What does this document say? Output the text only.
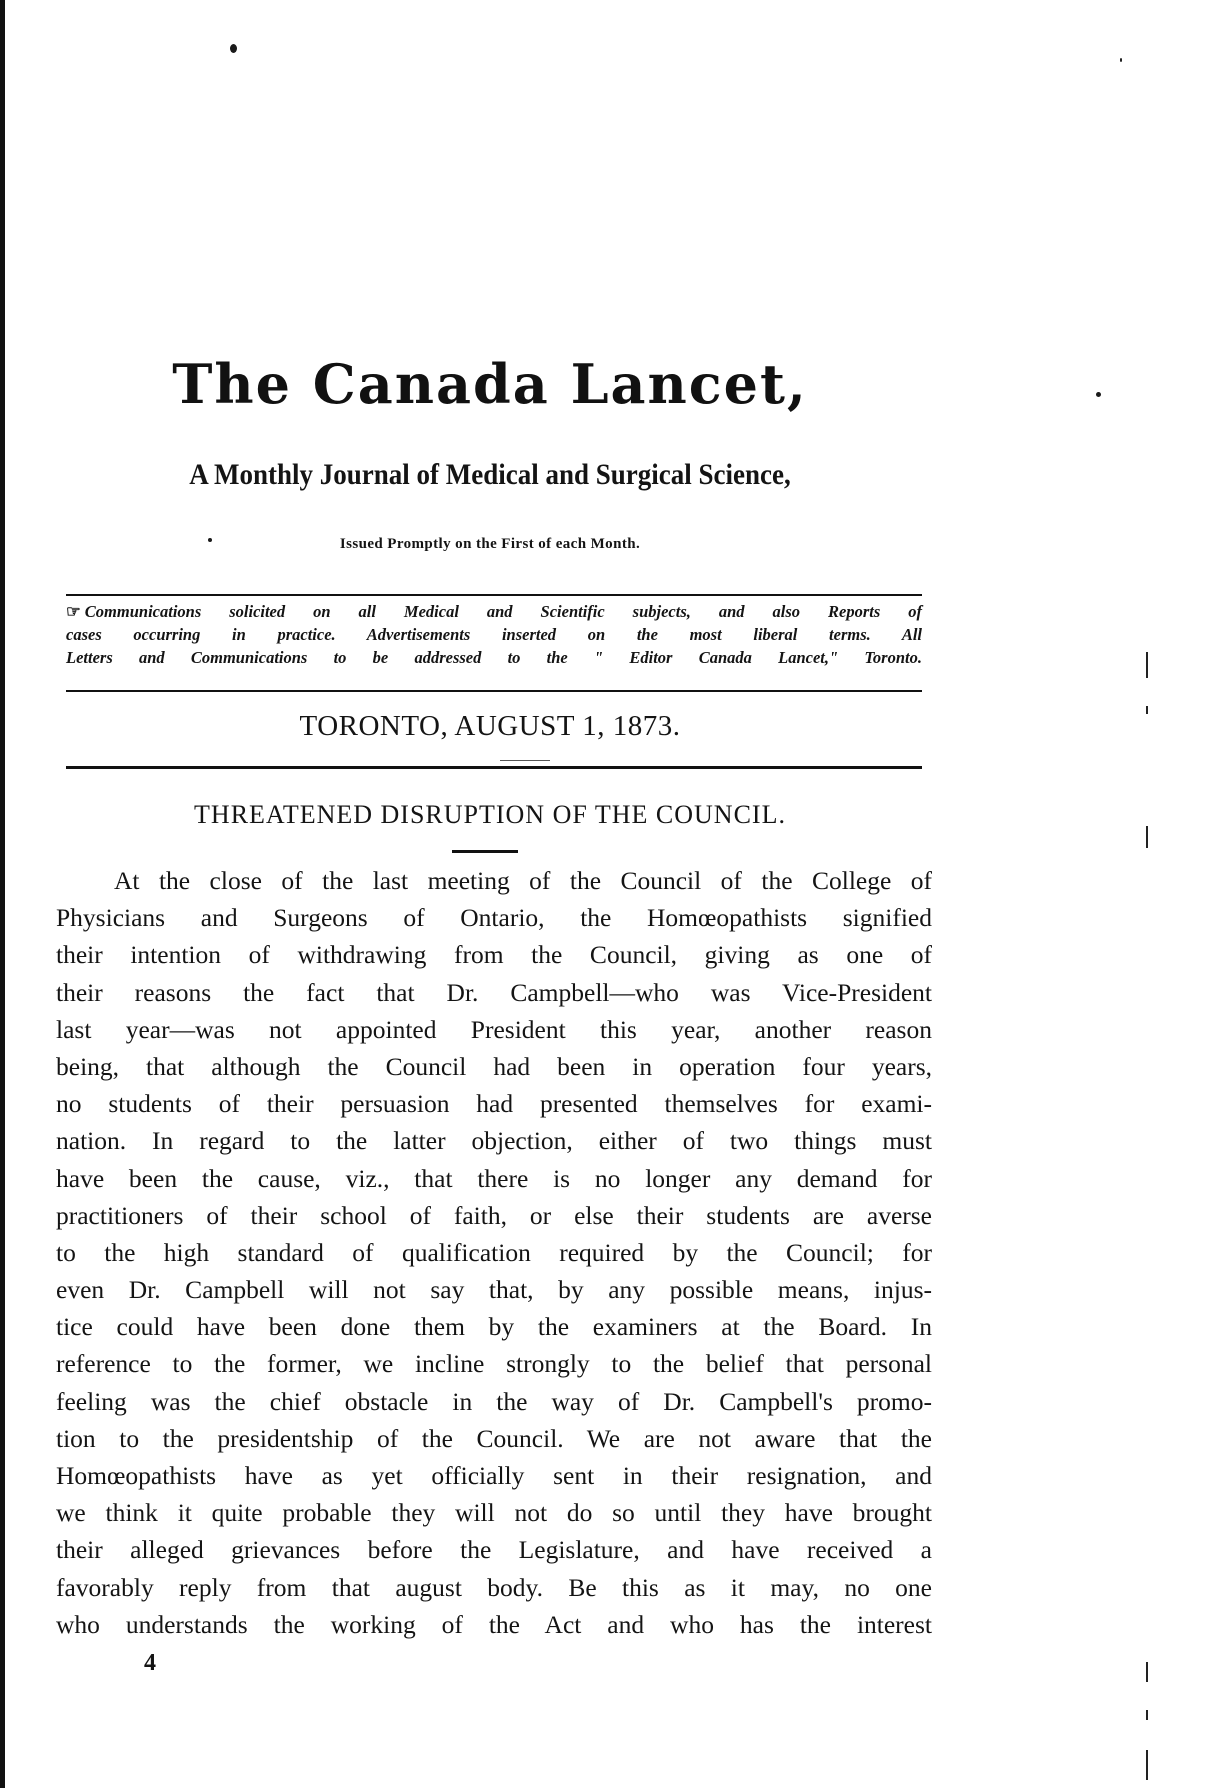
The Canada Lancet,
A Monthly Journal of Medical and Surgical Science,
Issued Promptly on the First of each Month.
☞ Communications solicited on all Medical and Scientific subjects, and also Reports of
cases occurring in practice. Advertisements inserted on the most liberal terms. All
Letters and Communications to be addressed to the " Editor Canada Lancet," Toronto.
TORONTO, AUGUST 1, 1873.
THREATENED DISRUPTION OF THE COUNCIL.
At the close of the last meeting of the Council of the College of
Physicians and Surgeons of Ontario, the Homœopathists signified
their intention of withdrawing from the Council, giving as one of
their reasons the fact that Dr. Campbell—who was Vice-President
last year—was not appointed President this year, another reason
being, that although the Council had been in operation four years,
no students of their persuasion had presented themselves for exami-
nation. In regard to the latter objection, either of two things must
have been the cause, viz., that there is no longer any demand for
practitioners of their school of faith, or else their students are averse
to the high standard of qualification required by the Council; for
even Dr. Campbell will not say that, by any possible means, injus-
tice could have been done them by the examiners at the Board. In
reference to the former, we incline strongly to the belief that personal
feeling was the chief obstacle in the way of Dr. Campbell's promo-
tion to the presidentship of the Council. We are not aware that the
Homœopathists have as yet officially sent in their resignation, and
we think it quite probable they will not do so until they have brought
their alleged grievances before the Legislature, and have received a
favorably reply from that august body. Be this as it may, no one
who understands the working of the Act and who has the interest
4
